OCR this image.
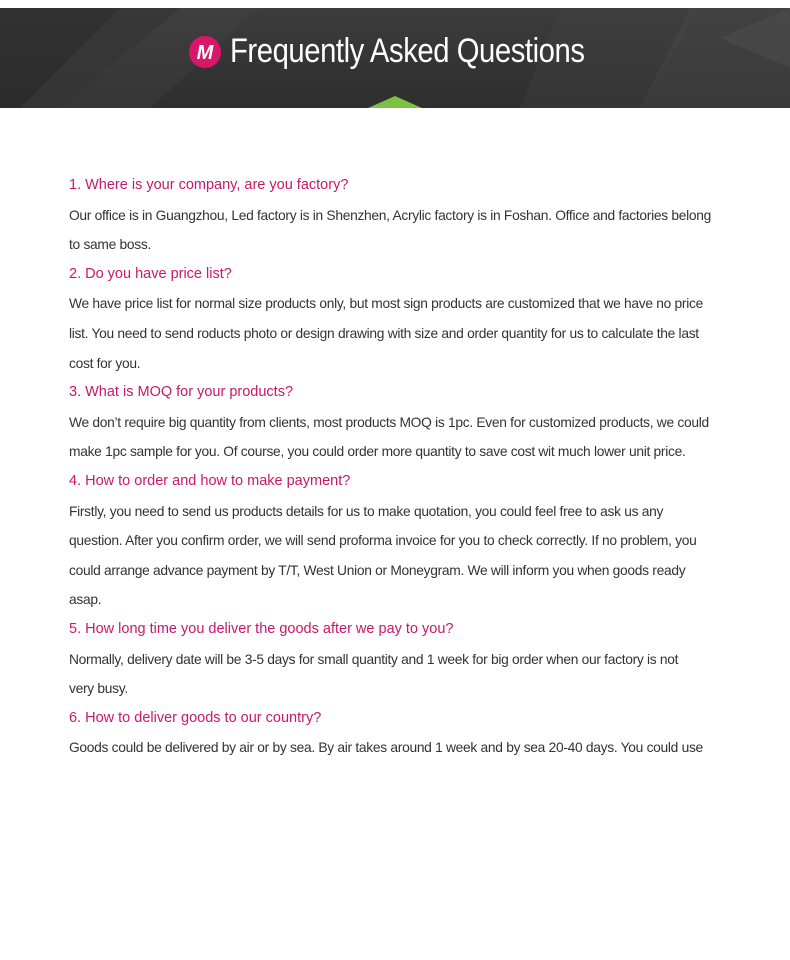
M Frequently Asked Questions
1. Where is your company, are you factory?
Our office is in Guangzhou, Led factory is in Shenzhen, Acrylic factory is in Foshan. Office and factories belong
to same boss.
2. Do you have price list?
We have price list for normal size products only, but most sign products are customized that we have no price
list. You need to send roducts photo or design drawing with size and order quantity for us to calculate the last
cost for you.
3. What is MOQ for your products?
We don’t require big quantity from clients, most products MOQ is 1pc. Even for customized products, we could
make 1pc sample for you. Of course, you could order more quantity to save cost wit much lower unit price.
4. How to order and how to make payment?
Firstly, you need to send us products details for us to make quotation, you could feel free to ask us any
question. After you confirm order, we will send proforma invoice for you to check correctly. If no problem, you
could arrange advance payment by T/T, West Union or Moneygram. We will inform you when goods ready
asap.
5. How long time you deliver the goods after we pay to you?
Normally, delivery date will be 3-5 days for small quantity and 1 week for big order when our factory is not
very busy.
6. How to deliver goods to our country?
Goods could be delivered by air or by sea. By air takes around 1 week and by sea 20-40 days. You could use
